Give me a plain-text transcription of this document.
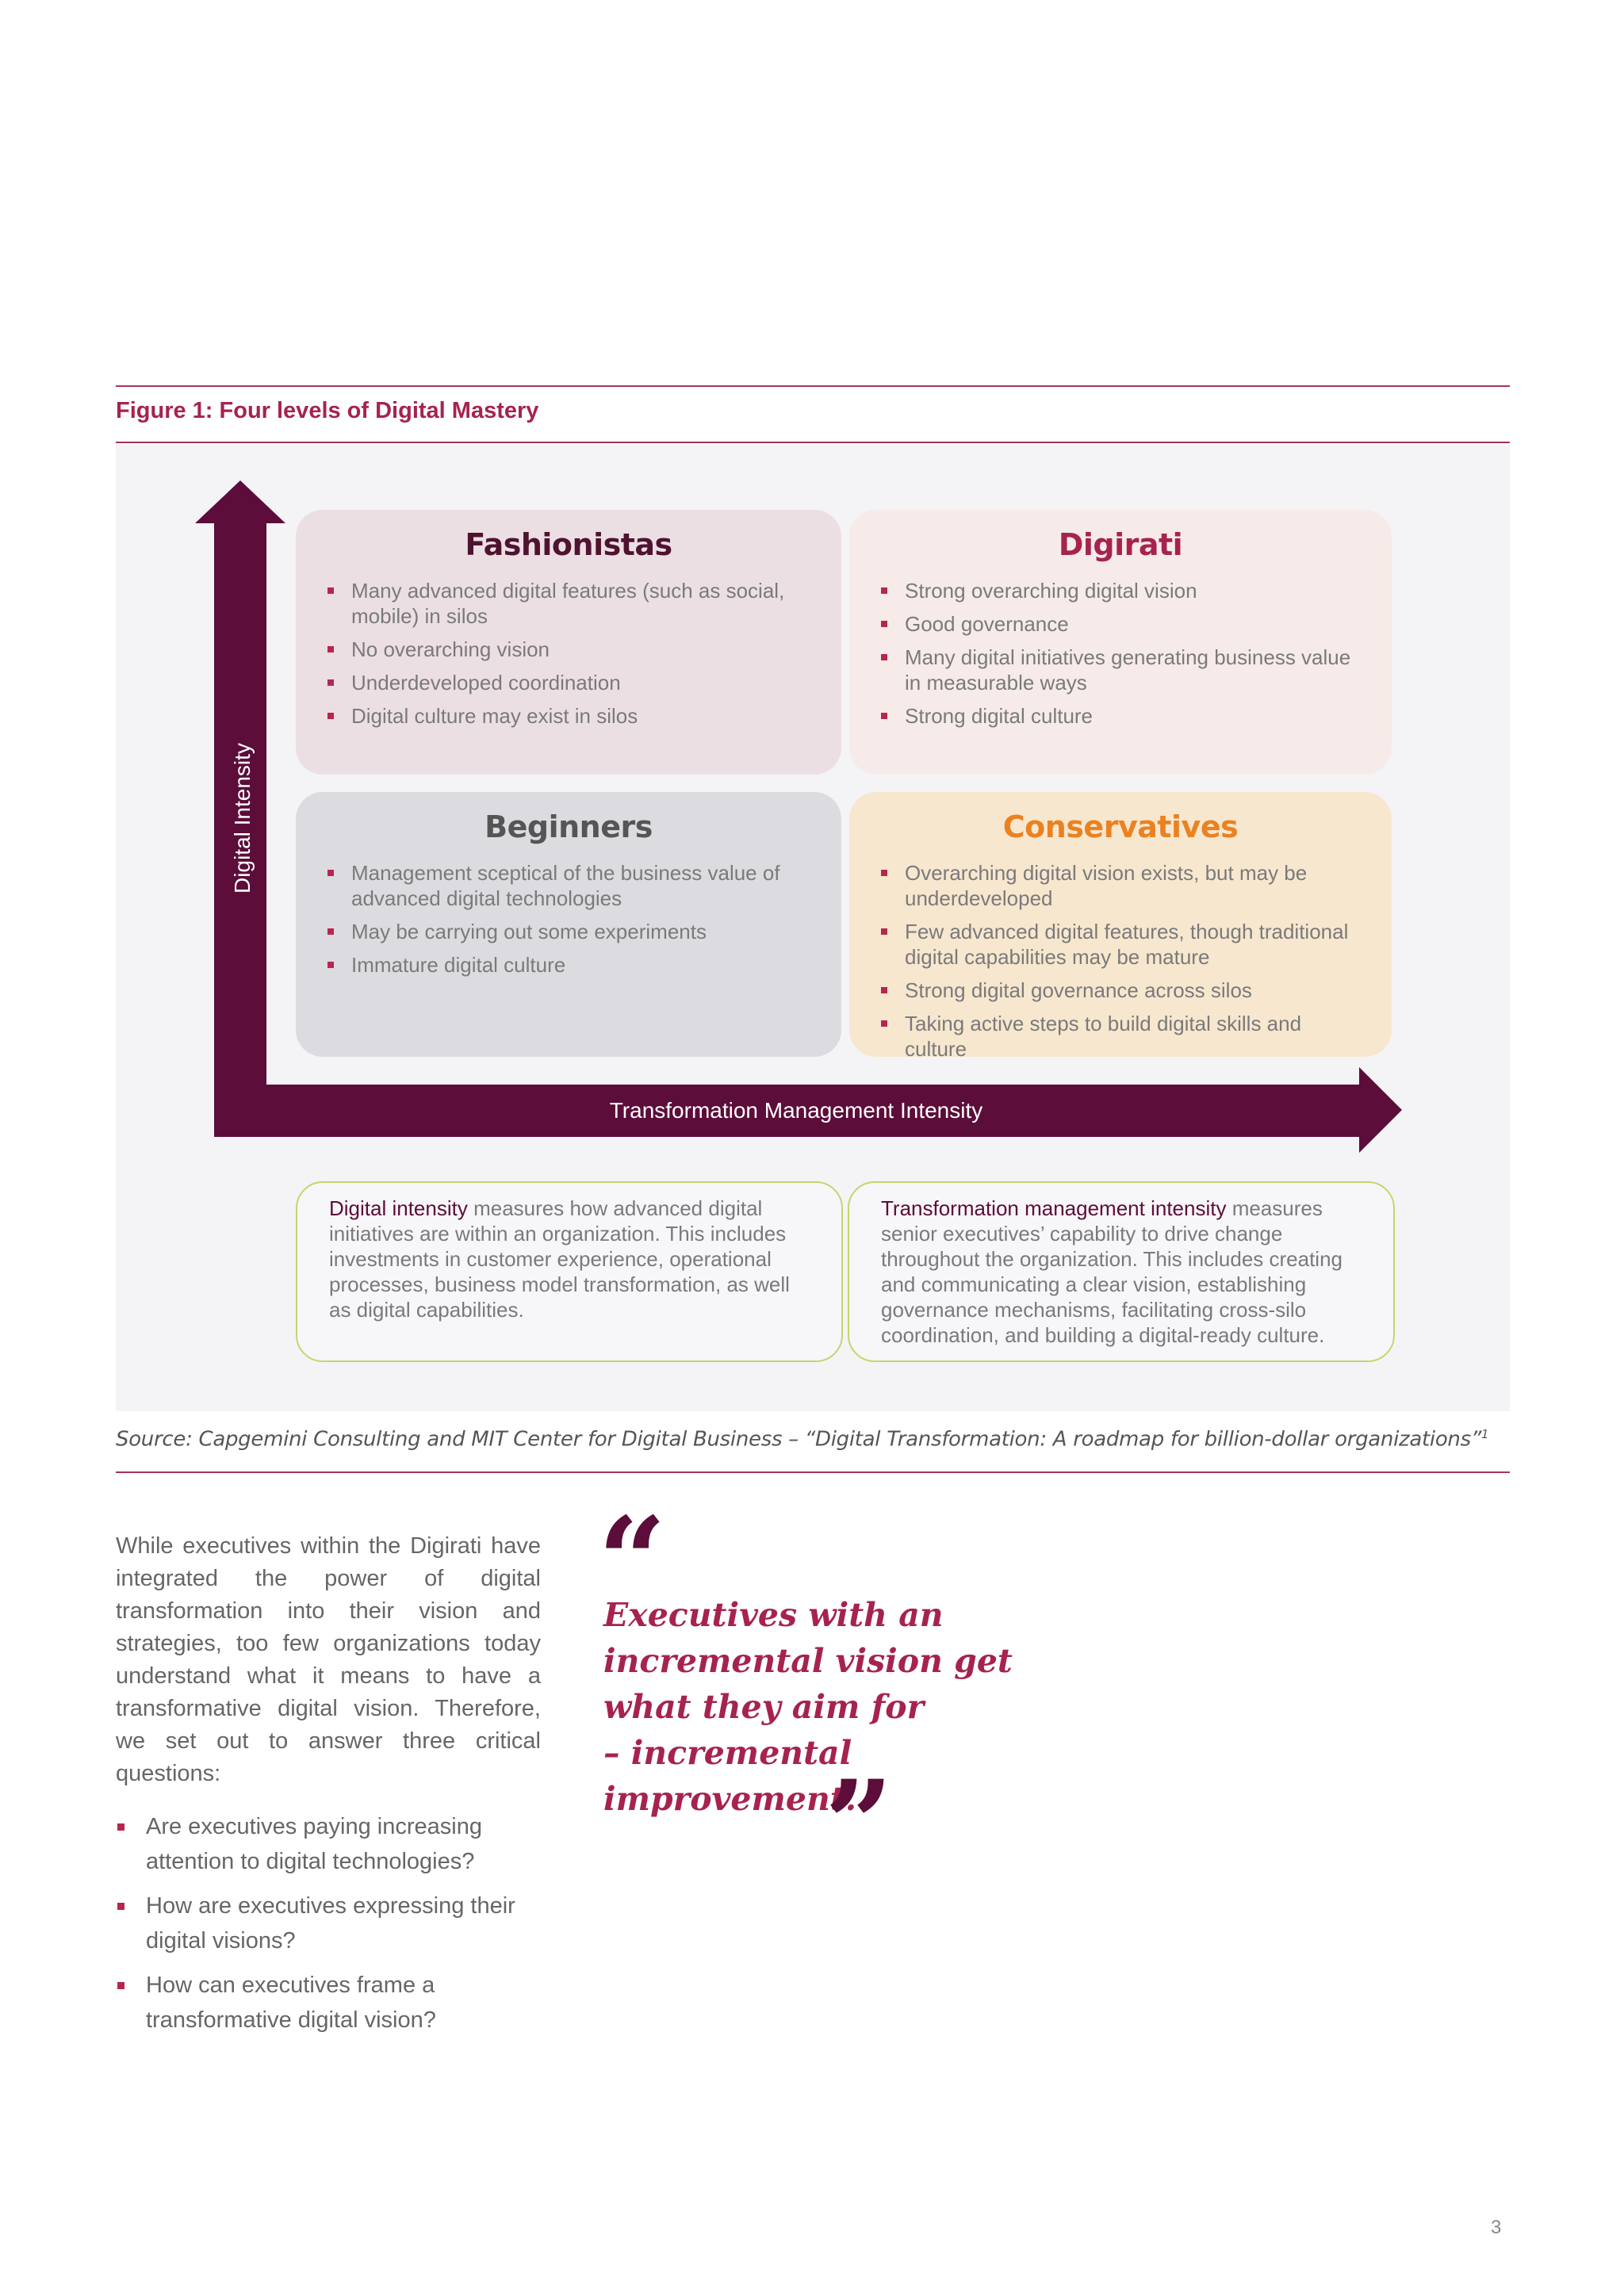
Figure 1: Four levels of Digital Mastery
Digital Intensity
Transformation Management Intensity
Fashionistas
Many advanced digital features (such as social, mobile) in silos
No overarching vision
Underdeveloped coordination
Digital culture may exist in silos
Digirati
Strong overarching digital vision
Good governance
Many digital initiatives generating business value in measurable ways
Strong digital culture
Beginners
Management sceptical of the business value of advanced digital technologies
May be carrying out some experiments
Immature digital culture
Conservatives
Overarching digital vision exists, but may be underdeveloped
Few advanced digital features, though traditional digital capabilities may be mature
Strong digital governance across silos
Taking active steps to build digital skills and culture
Digital intensity measures how advanced digital initiatives are within an organization. This includes investments in customer experience, operational processes, business model transformation, as well as digital capabilities.
Transformation management intensity measures senior executives’ capability to drive change throughout the organization. This includes creating and communicating a clear vision, establishing governance mechanisms, facilitating cross-silo coordination, and building a digital-ready culture.
Source: Capgemini Consulting and MIT Center for Digital Business – “Digital Transformation: A roadmap for billion-dollar organizations”$^1$

While executives within the Digirati have integrated the power of digital transformation into their vision and strategies, too few organizations today understand what it means to have a transformative digital vision. Therefore, we set out to answer three critical questions:

Are executives paying increasing attention to digital technologies?
How are executives expressing their digital visions?
How can executives frame a transformative digital vision?
“
Executives with an
incremental vision get
what they aim for
– incremental
improvement.
”
3
